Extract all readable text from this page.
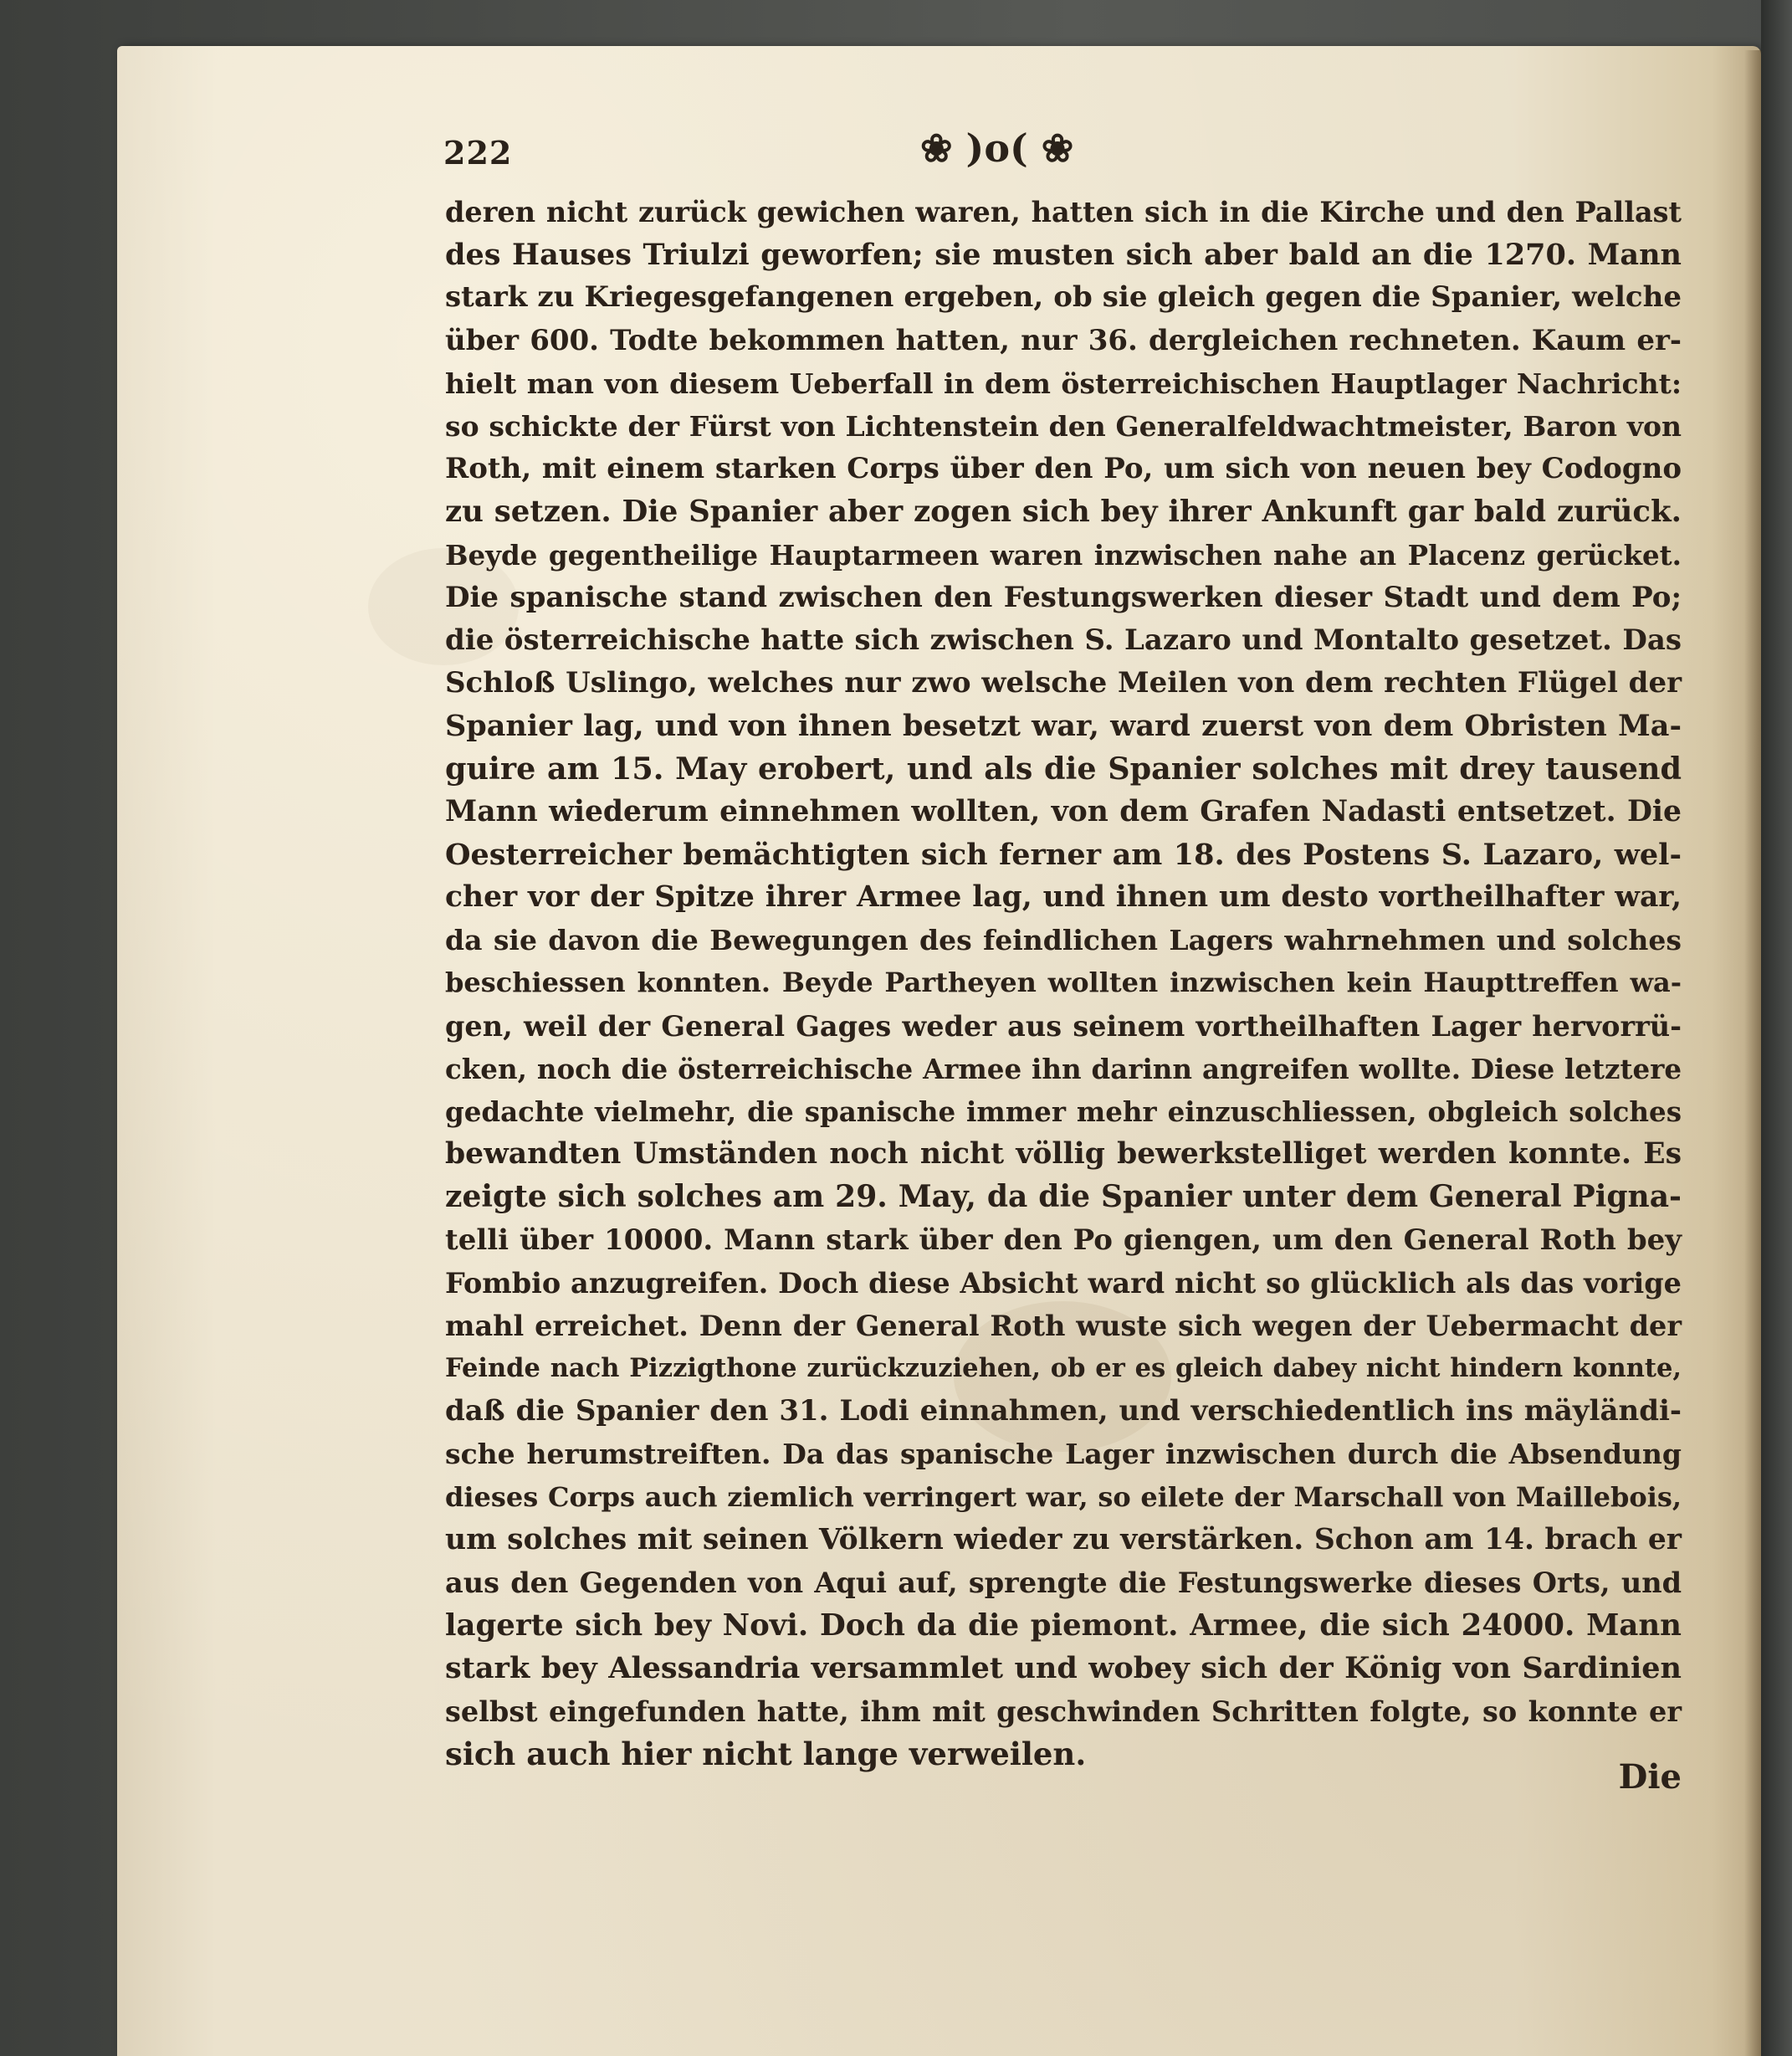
222	❀ )o( ❀
deren nicht zurück gewichen waren, hatten sich in die Kirche und den Pallast
des Hauses Triulzi geworfen; sie musten sich aber bald an die 1270. Mann
stark zu Kriegesgefangenen ergeben, ob sie gleich gegen die Spanier, welche
über 600. Todte bekommen hatten, nur 36. dergleichen rechneten. Kaum er-
hielt man von diesem Ueberfall in dem österreichischen Hauptlager Nachricht:
so schickte der Fürst von Lichtenstein den Generalfeldwachtmeister, Baron von
Roth, mit einem starken Corps über den Po, um sich von neuen bey Codogno
zu setzen. Die Spanier aber zogen sich bey ihrer Ankunft gar bald zurück.
Beyde gegentheilige Hauptarmeen waren inzwischen nahe an Placenz gerücket.
Die spanische stand zwischen den Festungswerken dieser Stadt und dem Po;
die österreichische hatte sich zwischen S. Lazaro und Montalto gesetzet. Das
Schloß Uslingo, welches nur zwo welsche Meilen von dem rechten Flügel der
Spanier lag, und von ihnen besetzt war, ward zuerst von dem Obristen Ma-
guire am 15. May erobert, und als die Spanier solches mit drey tausend
Mann wiederum einnehmen wollten, von dem Grafen Nadasti entsetzet. Die
Oesterreicher bemächtigten sich ferner am 18. des Postens S. Lazaro, wel-
cher vor der Spitze ihrer Armee lag, und ihnen um desto vortheilhafter war,
da sie davon die Bewegungen des feindlichen Lagers wahrnehmen und solches
beschiessen konnten. Beyde Partheyen wollten inzwischen kein Haupttreffen wa-
gen, weil der General Gages weder aus seinem vortheilhaften Lager hervorrü-
cken, noch die österreichische Armee ihn darinn angreifen wollte. Diese letztere
gedachte vielmehr, die spanische immer mehr einzuschliessen, obgleich solches
bewandten Umständen noch nicht völlig bewerkstelliget werden konnte. Es
zeigte sich solches am 29. May, da die Spanier unter dem General Pigna-
telli über 10000. Mann stark über den Po giengen, um den General Roth bey
Fombio anzugreifen. Doch diese Absicht ward nicht so glücklich als das vorige
mahl erreichet. Denn der General Roth wuste sich wegen der Uebermacht der
Feinde nach Pizzigthone zurückzuziehen, ob er es gleich dabey nicht hindern konnte,
daß die Spanier den 31. Lodi einnahmen, und verschiedentlich ins mäyländi-
sche herumstreiften. Da das spanische Lager inzwischen durch die Absendung
dieses Corps auch ziemlich verringert war, so eilete der Marschall von Maillebois,
um solches mit seinen Völkern wieder zu verstärken. Schon am 14. brach er
aus den Gegenden von Aqui auf, sprengte die Festungswerke dieses Orts, und
lagerte sich bey Novi. Doch da die piemont. Armee, die sich 24000. Mann
stark bey Alessandria versammlet und wobey sich der König von Sardinien
selbst eingefunden hatte, ihm mit geschwinden Schritten folgte, so konnte er
sich auch hier nicht lange verweilen.
Die
